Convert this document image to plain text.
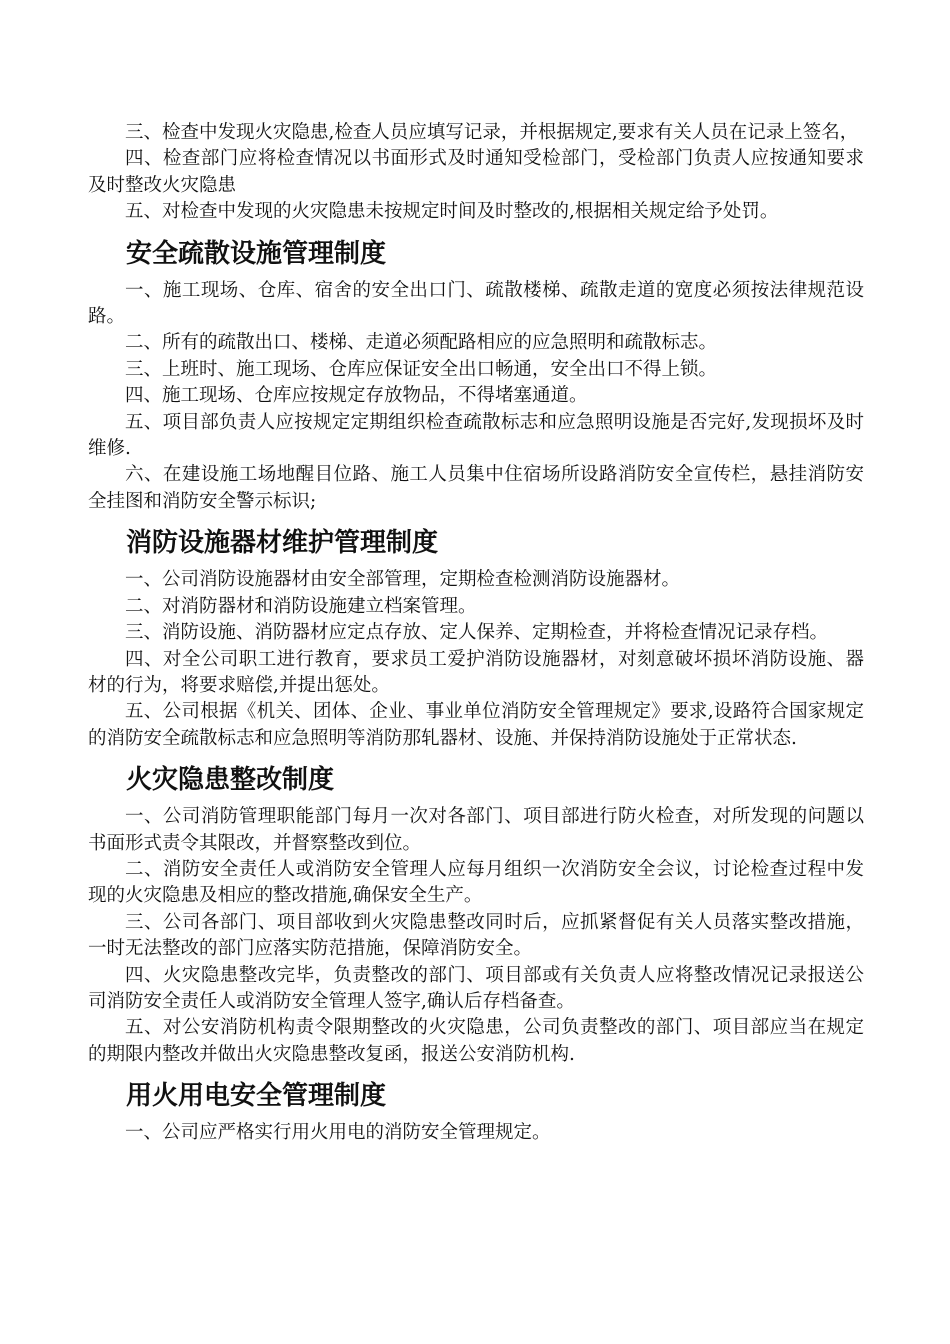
三、检查中发现火灾隐患,检查人员应填写记录，并根据规定,要求有关人员在记录上签名，

四、检查部门应将检查情况以书面形式及时通知受检部门，受检部门负责人应按通知要求及时整改火灾隐患

五、对检查中发现的火灾隐患未按规定时间及时整改的,根据相关规定给予处罚。

安全疏散设施管理制度

一、施工现场、仓库、宿舍的安全出口门、疏散楼梯、疏散走道的宽度必须按法律规范设路。

二、所有的疏散出口、楼梯、走道必须配路相应的应急照明和疏散标志。

三、上班时、施工现场、仓库应保证安全出口畅通，安全出口不得上锁。

四、施工现场、仓库应按规定存放物品，不得堵塞通道。

五、项目部负责人应按规定定期组织检查疏散标志和应急照明设施是否完好,发现损坏及时维修.

六、在建设施工场地醒目位路、施工人员集中住宿场所设路消防安全宣传栏，悬挂消防安全挂图和消防安全警示标识;

消防设施器材维护管理制度

一、公司消防设施器材由安全部管理，定期检查检测消防设施器材。

二、对消防器材和消防设施建立档案管理。

三、消防设施、消防器材应定点存放、定人保养、定期检查，并将检查情况记录存档。

四、对全公司职工进行教育，要求员工爱护消防设施器材，对刻意破坏损坏消防设施、器材的行为，将要求赔偿,并提出惩处。

五、公司根据《机关、团体、企业、事业单位消防安全管理规定》要求,设路符合国家规定的消防安全疏散标志和应急照明等消防那轧器材、设施、并保持消防设施处于正常状态.

火灾隐患整改制度

一、公司消防管理职能部门每月一次对各部门、项目部进行防火检查，对所发现的问题以书面形式责令其限改，并督察整改到位。

二、消防安全责任人或消防安全管理人应每月组织一次消防安全会议，讨论检查过程中发现的火灾隐患及相应的整改措施,确保安全生产。

三、公司各部门、项目部收到火灾隐患整改同时后，应抓紧督促有关人员落实整改措施，一时无法整改的部门应落实防范措施，保障消防安全。

四、火灾隐患整改完毕，负责整改的部门、项目部或有关负责人应将整改情况记录报送公司消防安全责任人或消防安全管理人签字,确认后存档备查。

五、对公安消防机构责令限期整改的火灾隐患，公司负责整改的部门、项目部应当在规定的期限内整改并做出火灾隐患整改复函，报送公安消防机构.

用火用电安全管理制度

一、公司应严格实行用火用电的消防安全管理规定。
